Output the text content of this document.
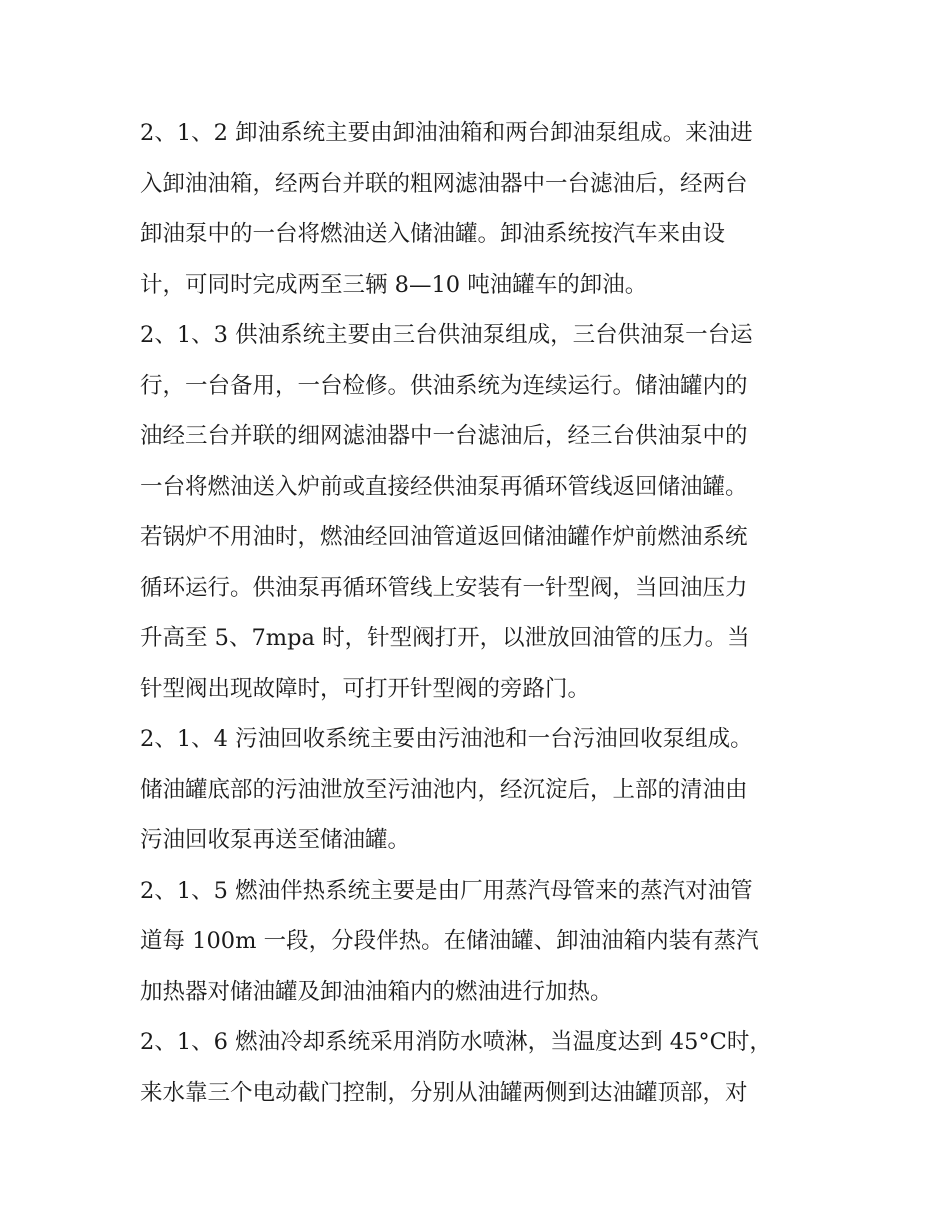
2、1、2 卸油系统主要由卸油油箱和两台卸油泵组成。来油进
入卸油油箱，经两台并联的粗网滤油器中一台滤油后，经两台
卸油泵中的一台将燃油送入储油罐。卸油系统按汽车来由设
计，可同时完成两至三辆 8—10 吨油罐车的卸油。
2、1、3 供油系统主要由三台供油泵组成，三台供油泵一台运
行，一台备用，一台检修。供油系统为连续运行。储油罐内的
油经三台并联的细网滤油器中一台滤油后，经三台供油泵中的
一台将燃油送入炉前或直接经供油泵再循环管线返回储油罐。
若锅炉不用油时，燃油经回油管道返回储油罐作炉前燃油系统
循环运行。供油泵再循环管线上安装有一针型阀，当回油压力
升高至 5、7mpa 时，针型阀打开，以泄放回油管的压力。当
针型阀出现故障时，可打开针型阀的旁路门。
2、1、4 污油回收系统主要由污油池和一台污油回收泵组成。
储油罐底部的污油泄放至污油池内，经沉淀后，上部的清油由
污油回收泵再送至储油罐。
2、1、5 燃油伴热系统主要是由厂用蒸汽母管来的蒸汽对油管
道每 100m 一段，分段伴热。在储油罐、卸油油箱内装有蒸汽
加热器对储油罐及卸油油箱内的燃油进行加热。
2、1、6 燃油冷却系统采用消防水喷淋，当温度达到 45°C时，
来水靠三个电动截门控制，分别从油罐两侧到达油罐顶部，对
